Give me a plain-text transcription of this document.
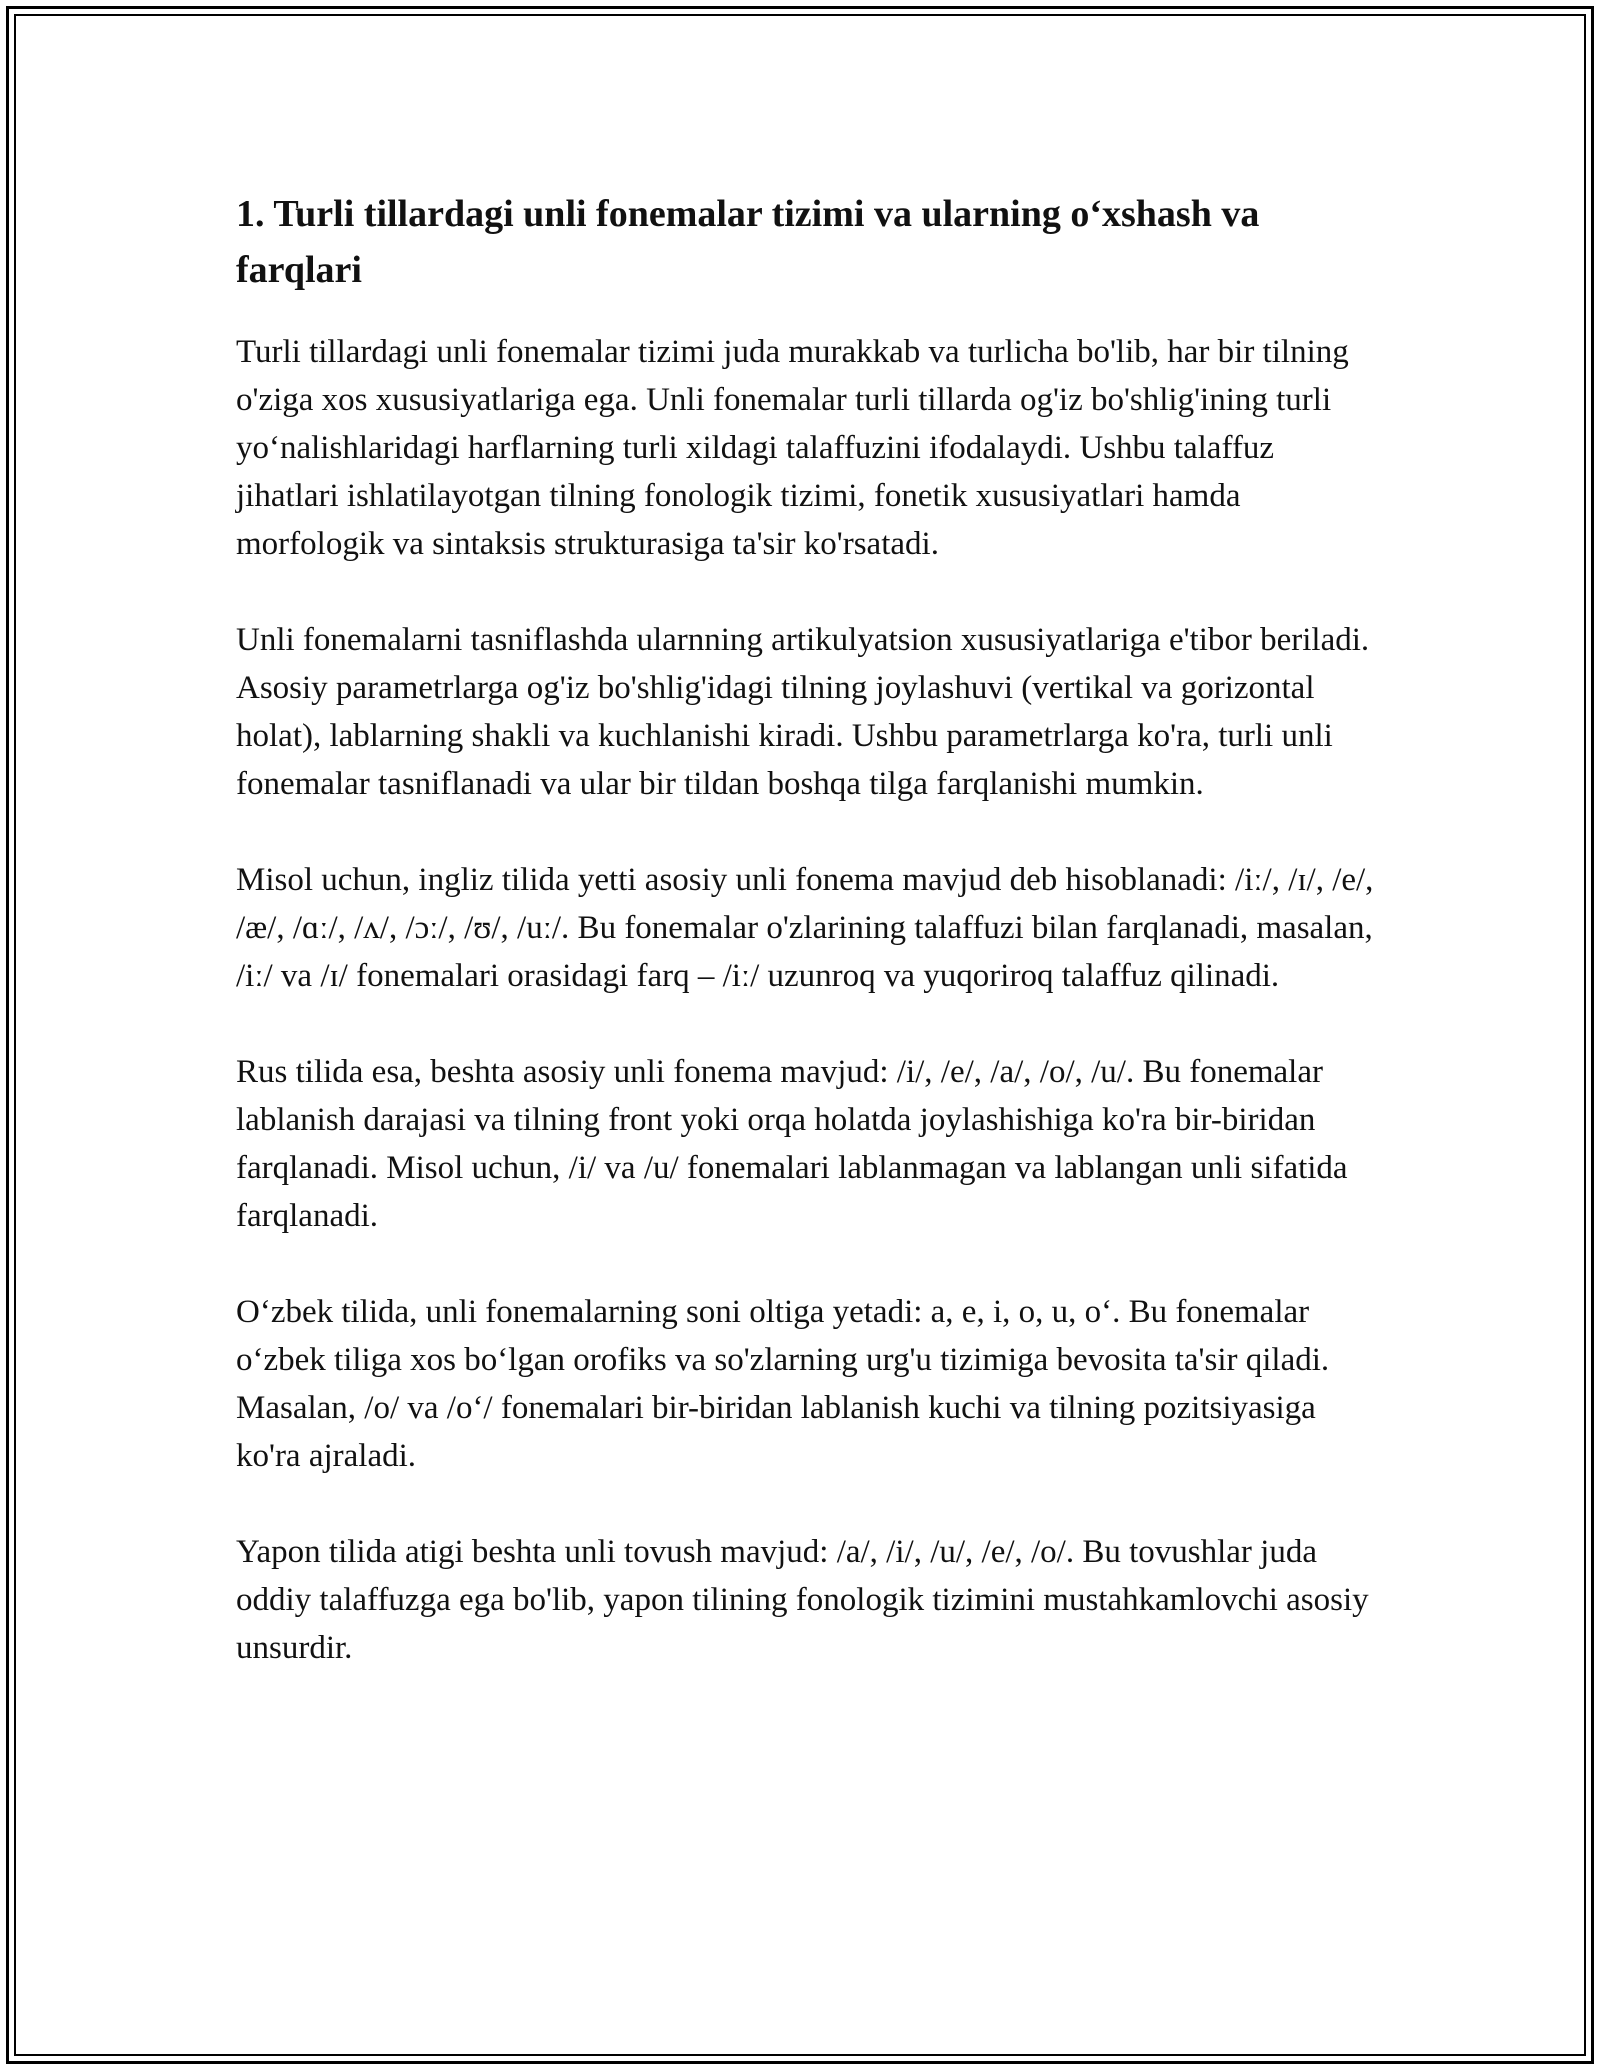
1. Turli tillardagi unli fonemalar tizimi va ularning o‘xshash va farqlari

Turli tillardagi unli fonemalar tizimi juda murakkab va turlicha bo'lib, har bir tilning o'ziga xos xususiyatlariga ega. Unli fonemalar turli tillarda og'iz bo'shlig'ining turli yo‘nalishlaridagi harflarning turli xildagi talaffuzini ifodalaydi. Ushbu talaffuz jihatlari ishlatilayotgan tilning fonologik tizimi, fonetik xususiyatlari hamda morfologik va sintaksis strukturasiga ta'sir ko'rsatadi.

Unli fonemalarni tasniflashda ularnning artikulyatsion xususiyatlariga e'tibor beriladi. Asosiy parametrlarga og'iz bo'shlig'idagi tilning joylashuvi (vertikal va gorizontal holat), lablarning shakli va kuchlanishi kiradi. Ushbu parametrlarga ko'ra, turli unli fonemalar tasniflanadi va ular bir tildan boshqa tilga farqlanishi mumkin.

Misol uchun, ingliz tilida yetti asosiy unli fonema mavjud deb hisoblanadi: /iː/, /ɪ/, /e/, /æ/, /ɑː/, /ʌ/, /ɔː/, /ʊ/, /uː/. Bu fonemalar o'zlarining talaffuzi bilan farqlanadi, masalan, /iː/ va /ɪ/ fonemalari orasidagi farq – /iː/ uzunroq va yuqoriroq talaffuz qilinadi.

Rus tilida esa, beshta asosiy unli fonema mavjud: /i/, /e/, /a/, /o/, /u/. Bu fonemalar lablanish darajasi va tilning front yoki orqa holatda joylashishiga ko'ra bir-biridan farqlanadi. Misol uchun, /i/ va /u/ fonemalari lablanmagan va lablangan unli sifatida farqlanadi.

O‘zbek tilida, unli fonemalarning soni oltiga yetadi: a, e, i, o, u, o‘. Bu fonemalar o‘zbek tiliga xos bo‘lgan orofiks va so'zlarning urg'u tizimiga bevosita ta'sir qiladi. Masalan, /o/ va /o‘/ fonemalari bir-biridan lablanish kuchi va tilning pozitsiyasiga ko'ra ajraladi.

Yapon tilida atigi beshta unli tovush mavjud: /a/, /i/, /u/, /e/, /o/. Bu tovushlar juda oddiy talaffuzga ega bo'lib, yapon tilining fonologik tizimini mustahkamlovchi asosiy unsurdir.
